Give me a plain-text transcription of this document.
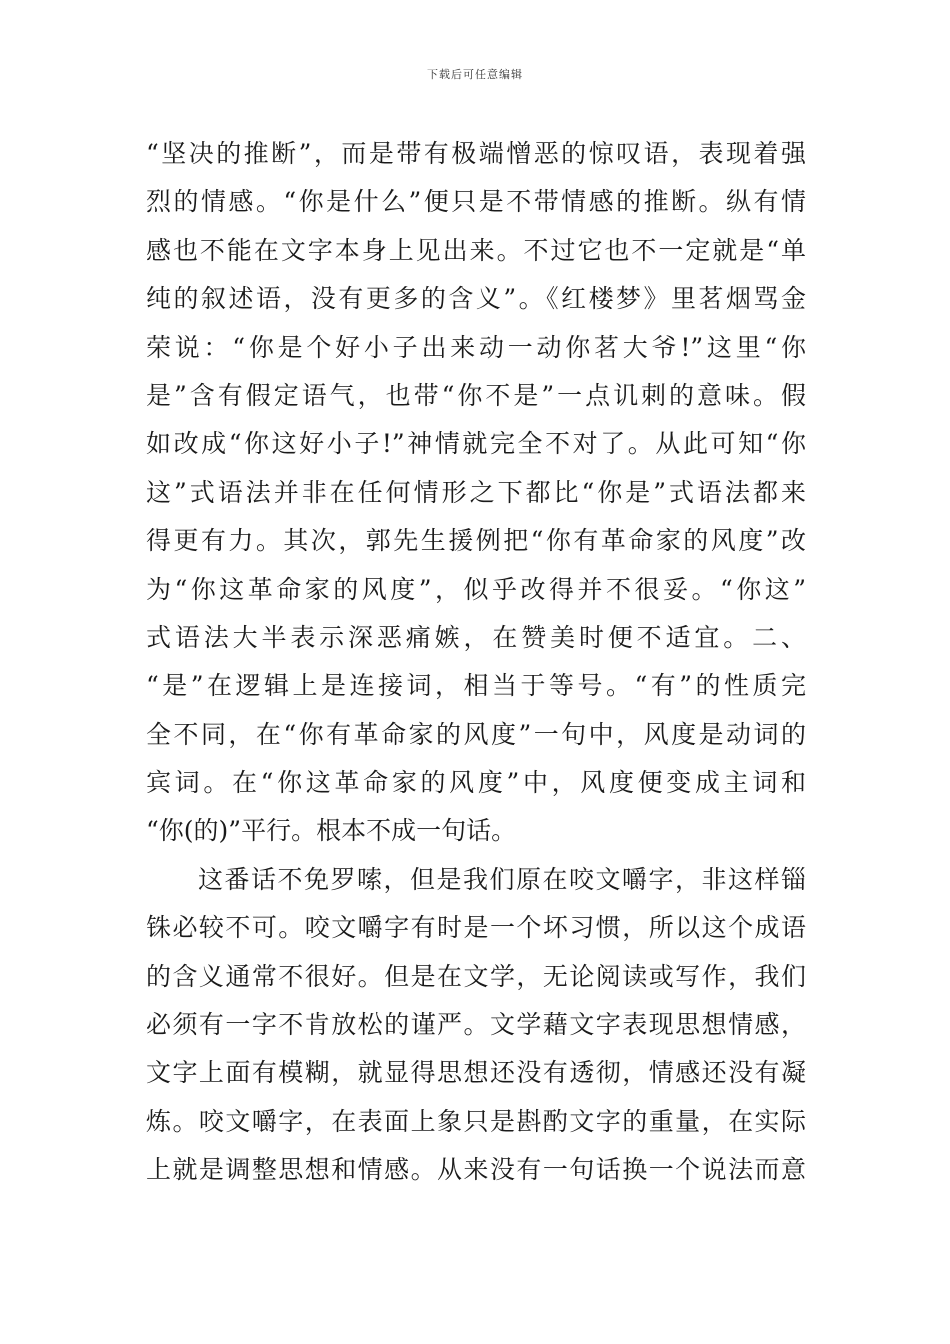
下载后可任意编辑
“坚决的推断”，而是带有极端憎恶的惊叹语，表现着强
烈的情感。“你是什么”便只是不带情感的推断。纵有情
感也不能在文字本身上见出来。不过它也不一定就是“单
纯的叙述语，没有更多的含义”。《红楼梦》里茗烟骂金
荣说：“你是个好小子出来动一动你茗大爷!”这里“你
是”含有假定语气，也带“你不是”一点讥刺的意味。假
如改成“你这好小子!”神情就完全不对了。从此可知“你
这”式语法并非在任何情形之下都比“你是”式语法都来
得更有力。其次，郭先生援例把“你有革命家的风度”改
为“你这革命家的风度”，似乎改得并不很妥。“你这”
式语法大半表示深恶痛嫉，在赞美时便不适宜。二、
“是”在逻辑上是连接词，相当于等号。“有”的性质完
全不同，在“你有革命家的风度”一句中，风度是动词的
宾词。在“你这革命家的风度”中，风度便变成主词和
“你(的)”平行。根本不成一句话。
这番话不免罗嗦，但是我们原在咬文嚼字，非这样锱
铢必较不可。咬文嚼字有时是一个坏习惯，所以这个成语
的含义通常不很好。但是在文学，无论阅读或写作，我们
必须有一字不肯放松的谨严。文学藉文字表现思想情感，
文字上面有模糊，就显得思想还没有透彻，情感还没有凝
炼。咬文嚼字，在表面上象只是斟酌文字的重量，在实际
上就是调整思想和情感。从来没有一句话换一个说法而意
